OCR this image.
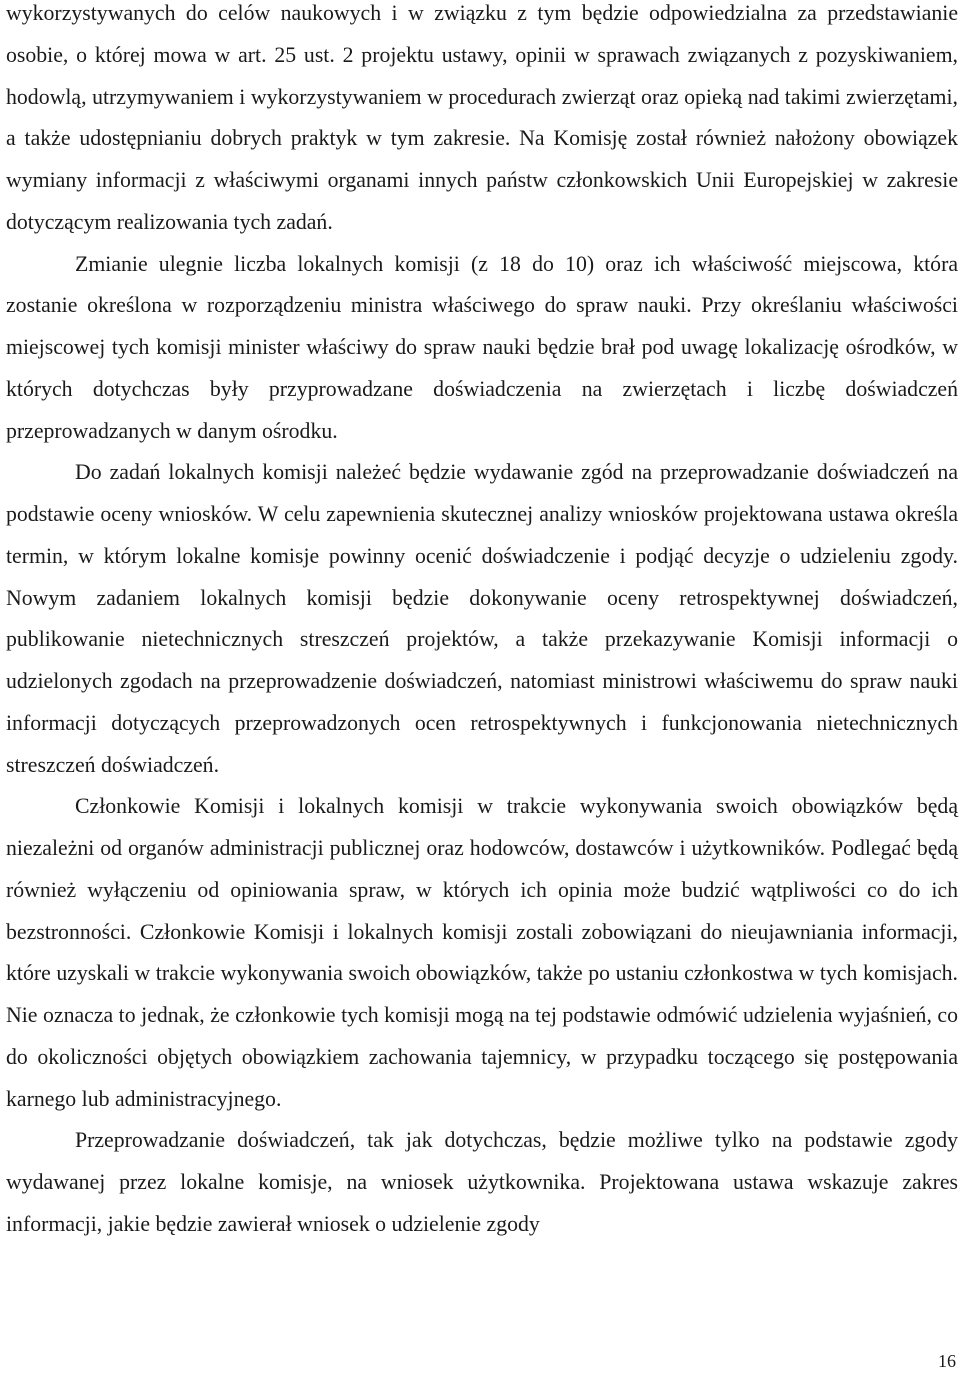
wykorzystywanych do celów naukowych i w związku z tym będzie odpowiedzialna za przedstawianie osobie, o której mowa w art. 25 ust. 2 projektu ustawy, opinii w sprawach związanych z pozyskiwaniem, hodowlą, utrzymywaniem i wykorzystywaniem w procedurach zwierząt oraz opieką nad takimi zwierzętami, a także udostępnianiu dobrych praktyk w tym zakresie. Na Komisję został również nałożony obowiązek wymiany informacji z właściwymi organami innych państw członkowskich Unii Europejskiej w zakresie dotyczącym realizowania tych zadań.

Zmianie ulegnie liczba lokalnych komisji (z 18 do 10) oraz ich właściwość miejscowa, która zostanie określona w rozporządzeniu ministra właściwego do spraw nauki. Przy określaniu właściwości miejscowej tych komisji minister właściwy do spraw nauki będzie brał pod uwagę lokalizację ośrodków, w których dotychczas były przyprowadzane doświadczenia na zwierzętach i liczbę doświadczeń przeprowadzanych w danym ośrodku.

Do zadań lokalnych komisji należeć będzie wydawanie zgód na przeprowadzanie doświadczeń na podstawie oceny wniosków. W celu zapewnienia skutecznej analizy wniosków projektowana ustawa określa termin, w którym lokalne komisje powinny ocenić doświadczenie i podjąć decyzje o udzieleniu zgody. Nowym zadaniem lokalnych komisji będzie dokonywanie oceny retrospektywnej doświadczeń, publikowanie nietechnicznych streszczeń projektów, a także przekazywanie Komisji informacji o udzielonych zgodach na przeprowadzenie doświadczeń, natomiast ministrowi właściwemu do spraw nauki informacji dotyczących przeprowadzonych ocen retrospektywnych i funkcjonowania nietechnicznych streszczeń doświadczeń.

Członkowie Komisji i lokalnych komisji w trakcie wykonywania swoich obowiązków będą niezależni od organów administracji publicznej oraz hodowców, dostawców i użytkowników. Podlegać będą również wyłączeniu od opiniowania spraw, w których ich opinia może budzić wątpliwości co do ich bezstronności. Członkowie Komisji i lokalnych komisji zostali zobowiązani do nieujawniania informacji, które uzyskali w trakcie wykonywania swoich obowiązków, także po ustaniu członkostwa w tych komisjach. Nie oznacza to jednak, że członkowie tych komisji mogą na tej podstawie odmówić udzielenia wyjaśnień, co do okoliczności objętych obowiązkiem zachowania tajemnicy, w przypadku toczącego się postępowania karnego lub administracyjnego.

Przeprowadzanie doświadczeń, tak jak dotychczas, będzie możliwe tylko na podstawie zgody wydawanej przez lokalne komisje, na wniosek użytkownika. Projektowana ustawa wskazuje zakres informacji, jakie będzie zawierał wniosek o udzielenie zgody

16
